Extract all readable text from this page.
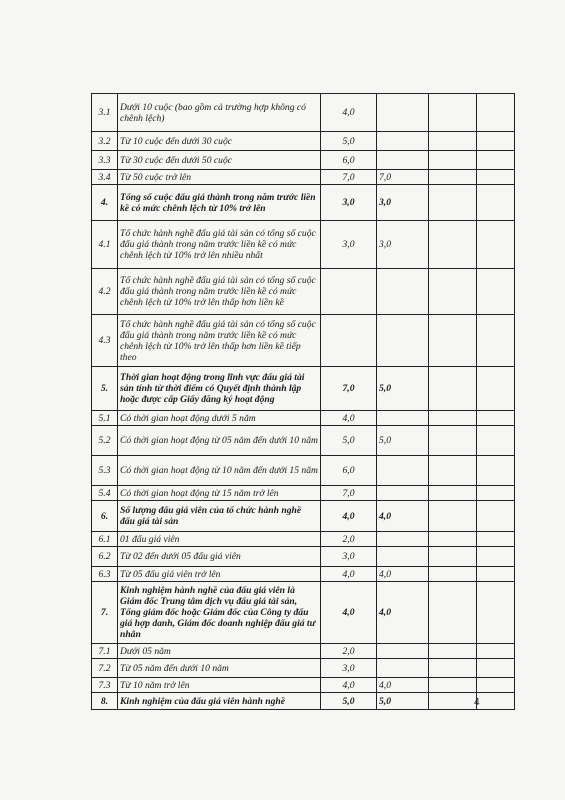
3.1	Dưới 10 cuộc (bao gồm cả trường hợp không có chênh lệch)	4,0			
3.2	Từ 10 cuộc đến dưới 30 cuộc	5,0			
3.3	Từ 30 cuộc đến dưới 50 cuộc	6,0			
3.4	Từ 50 cuộc trở lên	7,0	7,0		
4.	Tổng số cuộc đấu giá thành trong năm trước liền kề có mức chênh lệch từ 10% trở lên	3,0	3,0		
4.1	Tổ chức hành nghề đấu giá tài sản có tổng số cuộc đấu giá thành trong năm trước liền kề có mức chênh lệch từ 10% trở lên nhiều nhất	3,0	3,0		
4.2	Tổ chức hành nghề đấu giá tài sản có tổng số cuộc đấu giá thành trong năm trước liền kề có mức chênh lệch từ 10% trở lên thấp hơn liền kề				
4.3	Tổ chức hành nghề đấu giá tài sản có tổng số cuộc đấu giá thành trong năm trước liền kề có mức chênh lệch từ 10% trở lên thấp hơn liền kề tiếp theo				
5.	Thời gian hoạt động trong lĩnh vực đấu giá tài sản tính từ thời điểm có Quyết định thành lập hoặc được cấp Giấy đăng ký hoạt động	7,0	5,0		
5.1	Có thời gian hoạt động dưới 5 năm	4,0			
5.2	Có thời gian hoạt động từ 05 năm đến dưới 10 năm	5,0	5,0		
5.3	Có thời gian hoạt động từ 10 năm đến dưới 15 năm	6,0			
5.4	Có thời gian hoạt động từ 15 năm trở lên	7,0			
6.	Số lượng đấu giá viên của tổ chức hành nghề đấu giá tài sản	4,0	4,0		
6.1	01 đấu giá viên	2,0			
6.2	Từ 02 đến dưới 05 đấu giá viên	3,0			
6.3	Từ 05 đấu giá viên trở lên	4,0	4,0		
7.	Kinh nghiệm hành nghề của đấu giá viên là Giám đốc Trung tâm dịch vụ đấu giá tài sản, Tổng giám đốc hoặc Giám đốc của Công ty đấu giá hợp danh, Giám đốc doanh nghiệp đấu giá tư nhân	4,0	4,0		
7.1	Dưới 05 năm	2,0			
7.2	Từ 05 năm đến dưới 10 năm	3,0			
7.3	Từ 10 năm trở lên	4,0	4,0		
8.	Kinh nghiệm của đấu giá viên hành nghề	5,0	5,0			4
